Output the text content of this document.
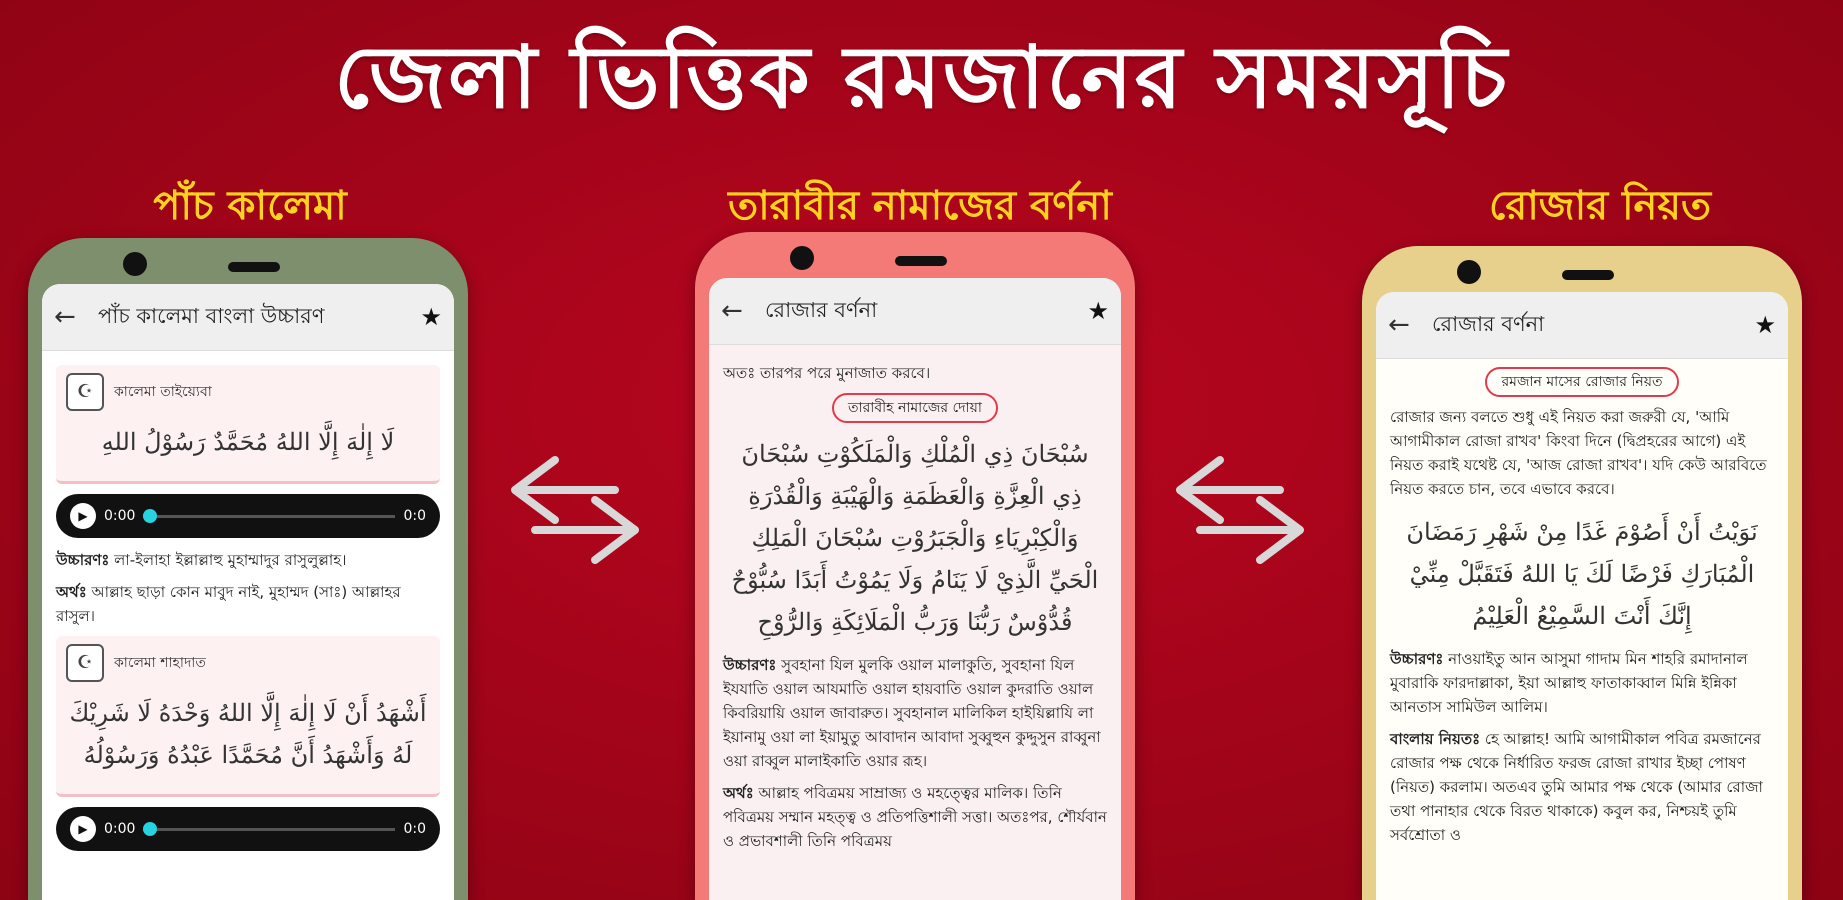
জেলা ভিত্তিক রমজানের সময়সূচি
পাঁচ কালেমা	তারাবীর নামাজের বর্ণনা	রোজার নিয়ত
←	পাঁচ কালেমা বাংলা উচ্চারণ	★
☪	কালেমা তাইয়্যেবা
لَا إِلٰهَ إِلَّا اللهُ مُحَمَّدٌ رَسُوْلُ اللهِ
▶	0:00	0:0
উচ্চারণঃ লা-ইলাহা ইল্লাল্লাহু মুহাম্মাদুর রাসুলুল্লাহ।
অর্থঃ আল্লাহ ছাড়া কোন মাবুদ নাই, মুহাম্মদ (সাঃ) আল্লাহর রাসুল।
☪	কালেমা শাহাদাত
أَشْهَدُ أَنْ لَا إِلٰهَ إِلَّا اللهُ وَحْدَهُ لَا شَرِيْكَ لَهُ وَأَشْهَدُ أَنَّ مُحَمَّدًا عَبْدُهُ وَرَسُوْلُهُ
▶	0:00	0:0
←	রোজার বর্ণনা	★
অতঃ তারপর পরে মুনাজাত করবে।
তারাবীহ নামাজের দোয়া
سُبْحَانَ ذِي الْمُلْكِ وَالْمَلَكُوْتِ سُبْحَانَ ذِي الْعِزَّةِ وَالْعَظَمَةِ وَالْهَيْبَةِ وَالْقُدْرَةِ وَالْكِبْرِيَاءِ وَالْجَبَرُوْتِ سُبْحَانَ الْمَلِكِ الْحَيِّ الَّذِيْ لَا يَنَامُ وَلَا يَمُوْتُ أَبَدًا سُبُّوْحٌ قُدُّوْسٌ رَبُّنَا وَرَبُّ الْمَلَائِكَةِ وَالرُّوْحِ
উচ্চারণঃ সুবহানা যিল মুলকি ওয়াল মালাকুতি, সুবহানা যিল ইযযাতি ওয়াল আযমাতি ওয়াল হায়বাতি ওয়াল কুদরাতি ওয়াল কিবরিয়ায়ি ওয়াল জাবারুত। সুবহানাল মালিকিল হাইয়িল্লাযি লা ইয়ানামু ওয়া লা ইয়ামুতু আবাদান আবাদা সুব্বুহুন কুদ্দুসুন রাব্বুনা ওয়া রাব্বুল মালাইকাতি ওয়ার রূহ।
অর্থঃ আল্লাহ পবিত্রময় সাম্রাজ্য ও মহত্ত্বের মালিক। তিনি পবিত্রময় সম্মান মহত্ত্ব ও প্রতিপত্তিশালী সত্তা। অতঃপর, শৌর্যবান ও প্রভাবশালী তিনি পবিত্রময়
←	রোজার বর্ণনা	★
রমজান মাসের রোজার নিয়ত
রোজার জন্য বলতে শুধু এই নিয়ত করা জরুরী যে, 'আমি আগামীকাল রোজা রাখব' কিংবা দিনে (দ্বিপ্রহরের আগে) এই নিয়ত করাই যথেষ্ট যে, 'আজ রোজা রাখব'। যদি কেউ আরবিতে নিয়ত করতে চান, তবে এভাবে করবে।
نَوَيْتُ أَنْ أَصُوْمَ غَدًا مِنْ شَهْرِ رَمَضَانَ الْمُبَارَكِ فَرْضًا لَكَ يَا اللهُ فَتَقَبَّلْ مِنِّيْ إِنَّكَ أَنْتَ السَّمِيْعُ الْعَلِيْمُ
উচ্চারণঃ নাওয়াইতু আন আসুমা গাদাম মিন শাহরি রমাদানাল মুবারাকি ফারদাল্লাকা, ইয়া আল্লাহু ফাতাকাব্বাল মিন্নি ইন্নিকা আনতাস সামিউল আলিম।
বাংলায় নিয়তঃ হে আল্লাহ! আমি আগামীকাল পবিত্র রমজানের রোজার পক্ষ থেকে নির্ধারিত ফরজ রোজা রাখার ইচ্ছা পোষণ (নিয়ত) করলাম। অতএব তুমি আমার পক্ষ থেকে (আমার রোজা তথা পানাহার থেকে বিরত থাকাকে) কবুল কর, নিশ্চয়ই তুমি সর্বশ্রোতা ও
